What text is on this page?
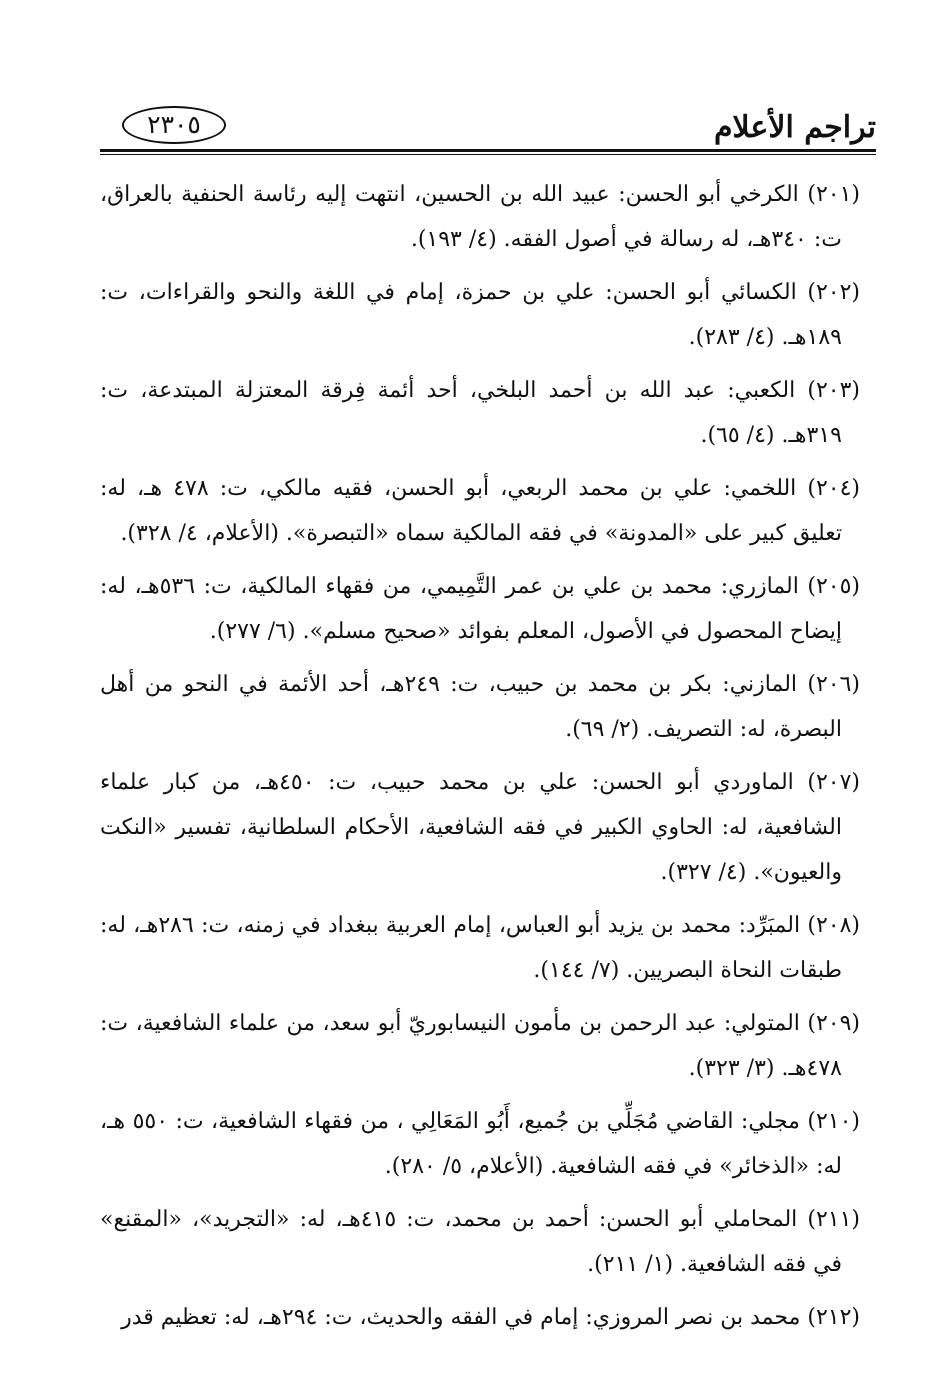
تراجم الأعلام
٢٣٠٥

(٢٠١) الكرخي أبو الحسن: عبيد الله بن الحسين، انتهت إليه رئاسة الحنفية بالعراق، ت: ٣٤٠هـ، له رسالة في أصول الفقه. (٤/ ١٩٣).

(٢٠٢) الكسائي أبو الحسن: علي بن حمزة، إمام في اللغة والنحو والقراءات، ت: ١٨٩هـ. (٤/ ٢٨٣).

(٢٠٣) الكعبي: عبد الله بن أحمد البلخي، أحد أئمة فِرقة المعتزلة المبتدعة، ت: ٣١٩هـ. (٤/ ٦٥).

(٢٠٤) اللخمي: علي بن محمد الربعي، أبو الحسن، فقيه مالكي، ت: ٤٧٨ هـ، له: تعليق كبير على «المدونة» في فقه المالكية سماه «التبصرة». (الأعلام، ٤/ ٣٢٨).

(٢٠٥) المازري: محمد بن علي بن عمر التَّمِيمي، من فقهاء المالكية، ت: ٥٣٦هـ، له: إيضاح المحصول في الأصول، المعلم بفوائد «صحيح مسلم». (٦/ ٢٧٧).

(٢٠٦) المازني: بكر بن محمد بن حبيب، ت: ٢٤٩هـ، أحد الأئمة في النحو من أهل البصرة، له: التصريف. (٢/ ٦٩).

(٢٠٧) الماوردي أبو الحسن: علي بن محمد حبيب، ت: ٤٥٠هـ، من كبار علماء الشافعية، له: الحاوي الكبير في فقه الشافعية، الأحكام السلطانية، تفسير «النكت والعيون». (٤/ ٣٢٧).

(٢٠٨) المبَرِّد: محمد بن يزيد أبو العباس، إمام العربية ببغداد في زمنه، ت: ٢٨٦هـ، له: طبقات النحاة البصريين. (٧/ ١٤٤).

(٢٠٩) المتولي: عبد الرحمن بن مأمون النيسابوريّ أبو سعد، من علماء الشافعية، ت: ٤٧٨هـ. (٣/ ٣٢٣).

(٢١٠) مجلي: القاضي مُجَلِّي بن جُميع، أَبُو المَعَالِي ، من فقهاء الشافعية، ت: ٥٥٠ هـ، له: «الذخائر» في فقه الشافعية. (الأعلام، ٥/ ٢٨٠).

(٢١١) المحاملي أبو الحسن: أحمد بن محمد، ت: ٤١٥هـ، له: «التجريد»، «المقنع» في فقه الشافعية. (١/ ٢١١).

(٢١٢) محمد بن نصر المروزي: إمام في الفقه والحديث، ت: ٢٩٤هـ، له: تعظيم قدر
